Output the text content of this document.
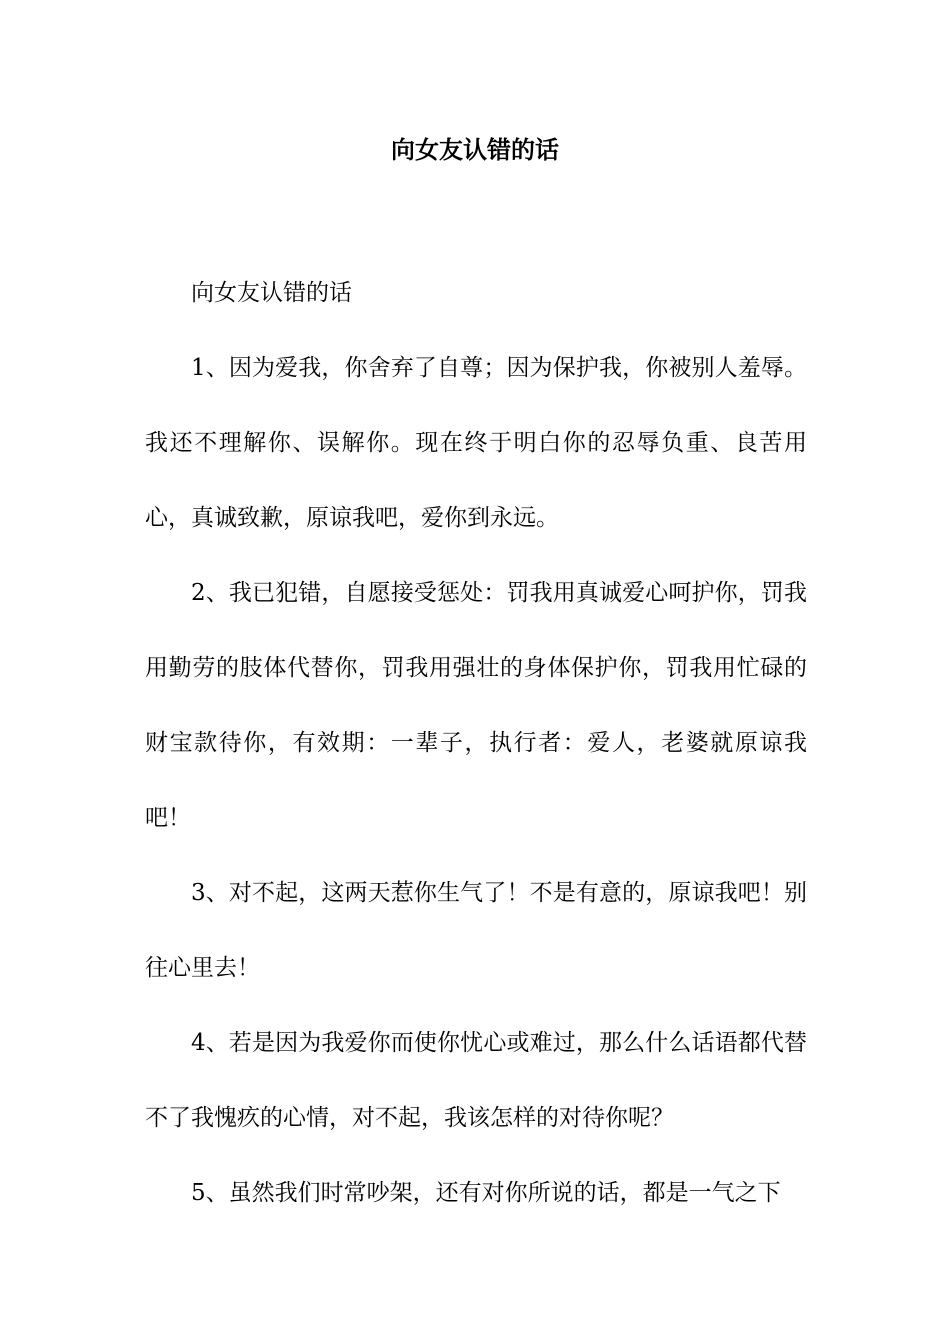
向女友认错的话

向女友认错的话

1、因为爱我，你舍弃了自尊；因为保护我，你被别人羞辱。我还不理解你、误解你。现在终于明白你的忍辱负重、良苦用心，真诚致歉，原谅我吧，爱你到永远。

2、我已犯错，自愿接受惩处：罚我用真诚爱心呵护你，罚我用勤劳的肢体代替你，罚我用强壮的身体保护你，罚我用忙碌的财宝款待你，有效期：一辈子，执行者：爱人，老婆就原谅我吧！

3、对不起，这两天惹你生气了！不是有意的，原谅我吧！别往心里去！

4、若是因为我爱你而使你忧心或难过，那么什么话语都代替不了我愧疚的心情，对不起，我该怎样的对待你呢？

5、虽然我们时常吵架，还有对你所说的话，都是一气之下
